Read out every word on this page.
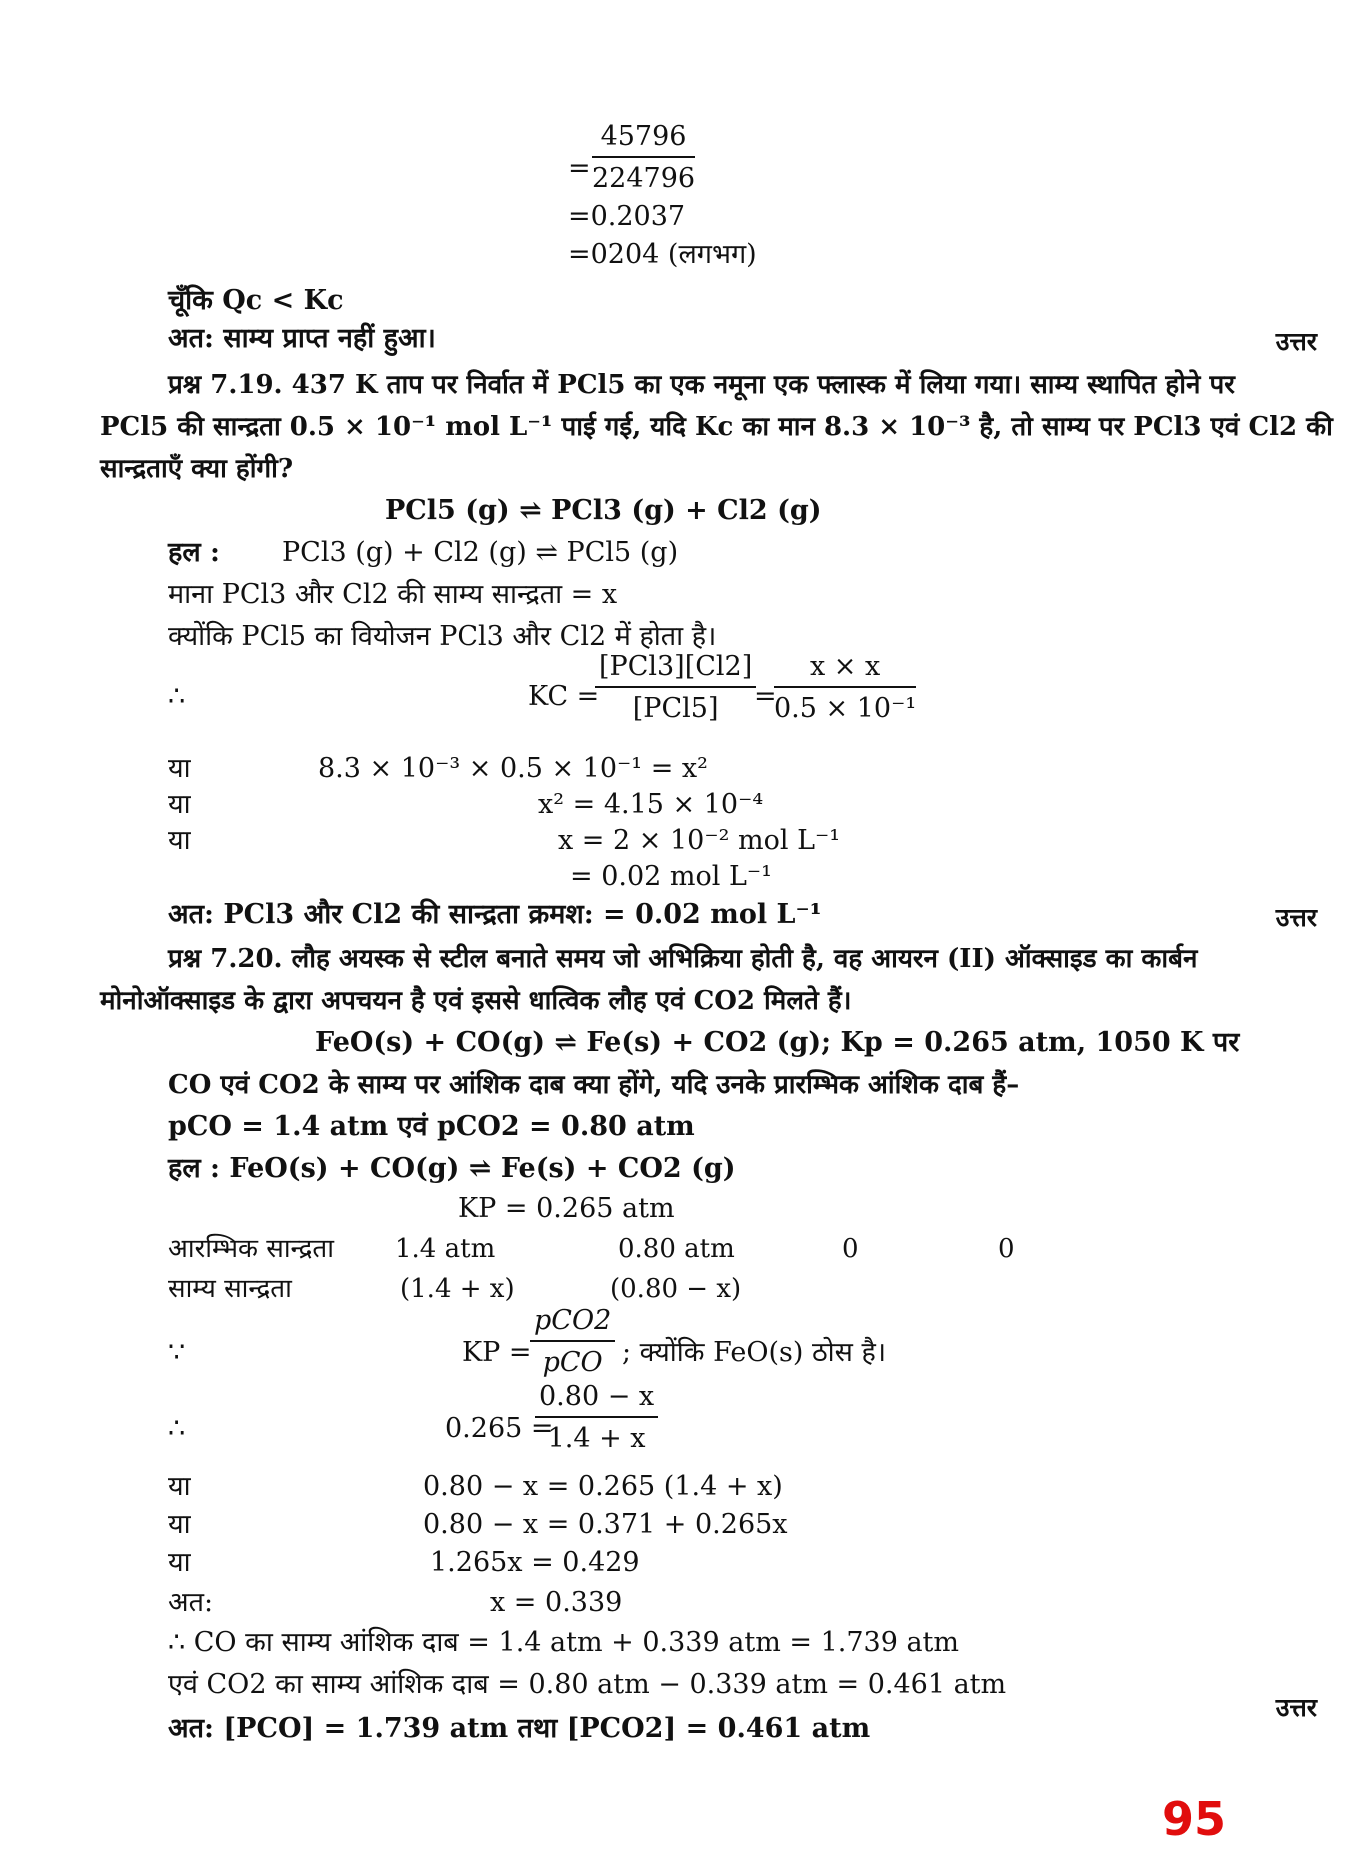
$\frac{45796}{224796}$
=
=0.2037
=0204 (लगभग)
चूँकि Qc < Kc
अत: साम्य प्राप्त नहीं हुआ।	उत्तर
प्रश्न 7.19. 437 K ताप पर निर्वात में PCl5 का एक नमूना एक फ्लास्क में लिया गया। साम्य स्थापित होने पर
PCl5 की सान्द्रता 0.5 × 10⁻¹ mol L⁻¹ पाई गई, यदि Kc का मान 8.3 × 10⁻³ है, तो साम्य पर PCl3 एवं Cl2 की
सान्द्रताएँ क्या होंगी?
PCl5 (g) ⇌ PCl3 (g) + Cl2 (g)
हल : PCl3 (g) + Cl2 (g) ⇌ PCl5 (g)
माना PCl3 और Cl2 की साम्य सान्द्रता = x
क्योंकि PCl5 का वियोजन PCl3 और Cl2 में होता है।
∴	KC =
[PCl3][Cl2]
[PCl5]	=
$\frac{x \times x}{\text{0.5 × 10⁻¹}}$
या	8.3 × 10⁻³ × 0.5 × 10⁻¹ = x²
या	x² = 4.15 × 10⁻⁴
या	x = 2 × 10⁻² mol L⁻¹
= 0.02 mol L⁻¹
अत: PCl3 और Cl2 की सान्द्रता क्रमश: = 0.02 mol L⁻¹	उत्तर
प्रश्न 7.20. लौह अयस्क से स्टील बनाते समय जो अभिक्रिया होती है, वह आयरन (II) ऑक्साइड का कार्बन
मोनोऑक्साइड के द्वारा अपचयन है एवं इससे धात्विक लौह एवं CO2 मिलते हैं।
FeO(s) + CO(g) ⇌ Fe(s) + CO2 (g); Kp = 0.265 atm, 1050 K पर
CO एवं CO2 के साम्य पर आंशिक दाब क्या होंगे, यदि उनके प्रारम्भिक आंशिक दाब हैं–
pCO = 1.4 atm एवं pCO2 = 0.80 atm
हल : FeO(s) + CO(g) ⇌ Fe(s) + CO2 (g)
KP = 0.265 atm
आरम्भिक सान्द्रता 1.4 atm	0.80 atm	0	0
साम्य सान्द्रता	(1.4 + x)	(0.80 − x)
∵	KP =
pCO2
pCO ; क्योंकि FeO(s) ठोस है।
∴	0.265 =
$\frac{0.80 - x}{1.4 + x}$
या	0.80 − x = 0.265 (1.4 + x)
या	0.80 − x = 0.371 + 0.265x
या	1.265x = 0.429
अत:	x = 0.339
∴ CO का साम्य आंशिक दाब = 1.4 atm + 0.339 atm = 1.739 atm
एवं CO2 का साम्य आंशिक दाब = 0.80 atm − 0.339 atm = 0.461 atm
अत: [PCO] = 1.739 atm तथा [PCO2] = 0.461 atm
उत्तर
95
